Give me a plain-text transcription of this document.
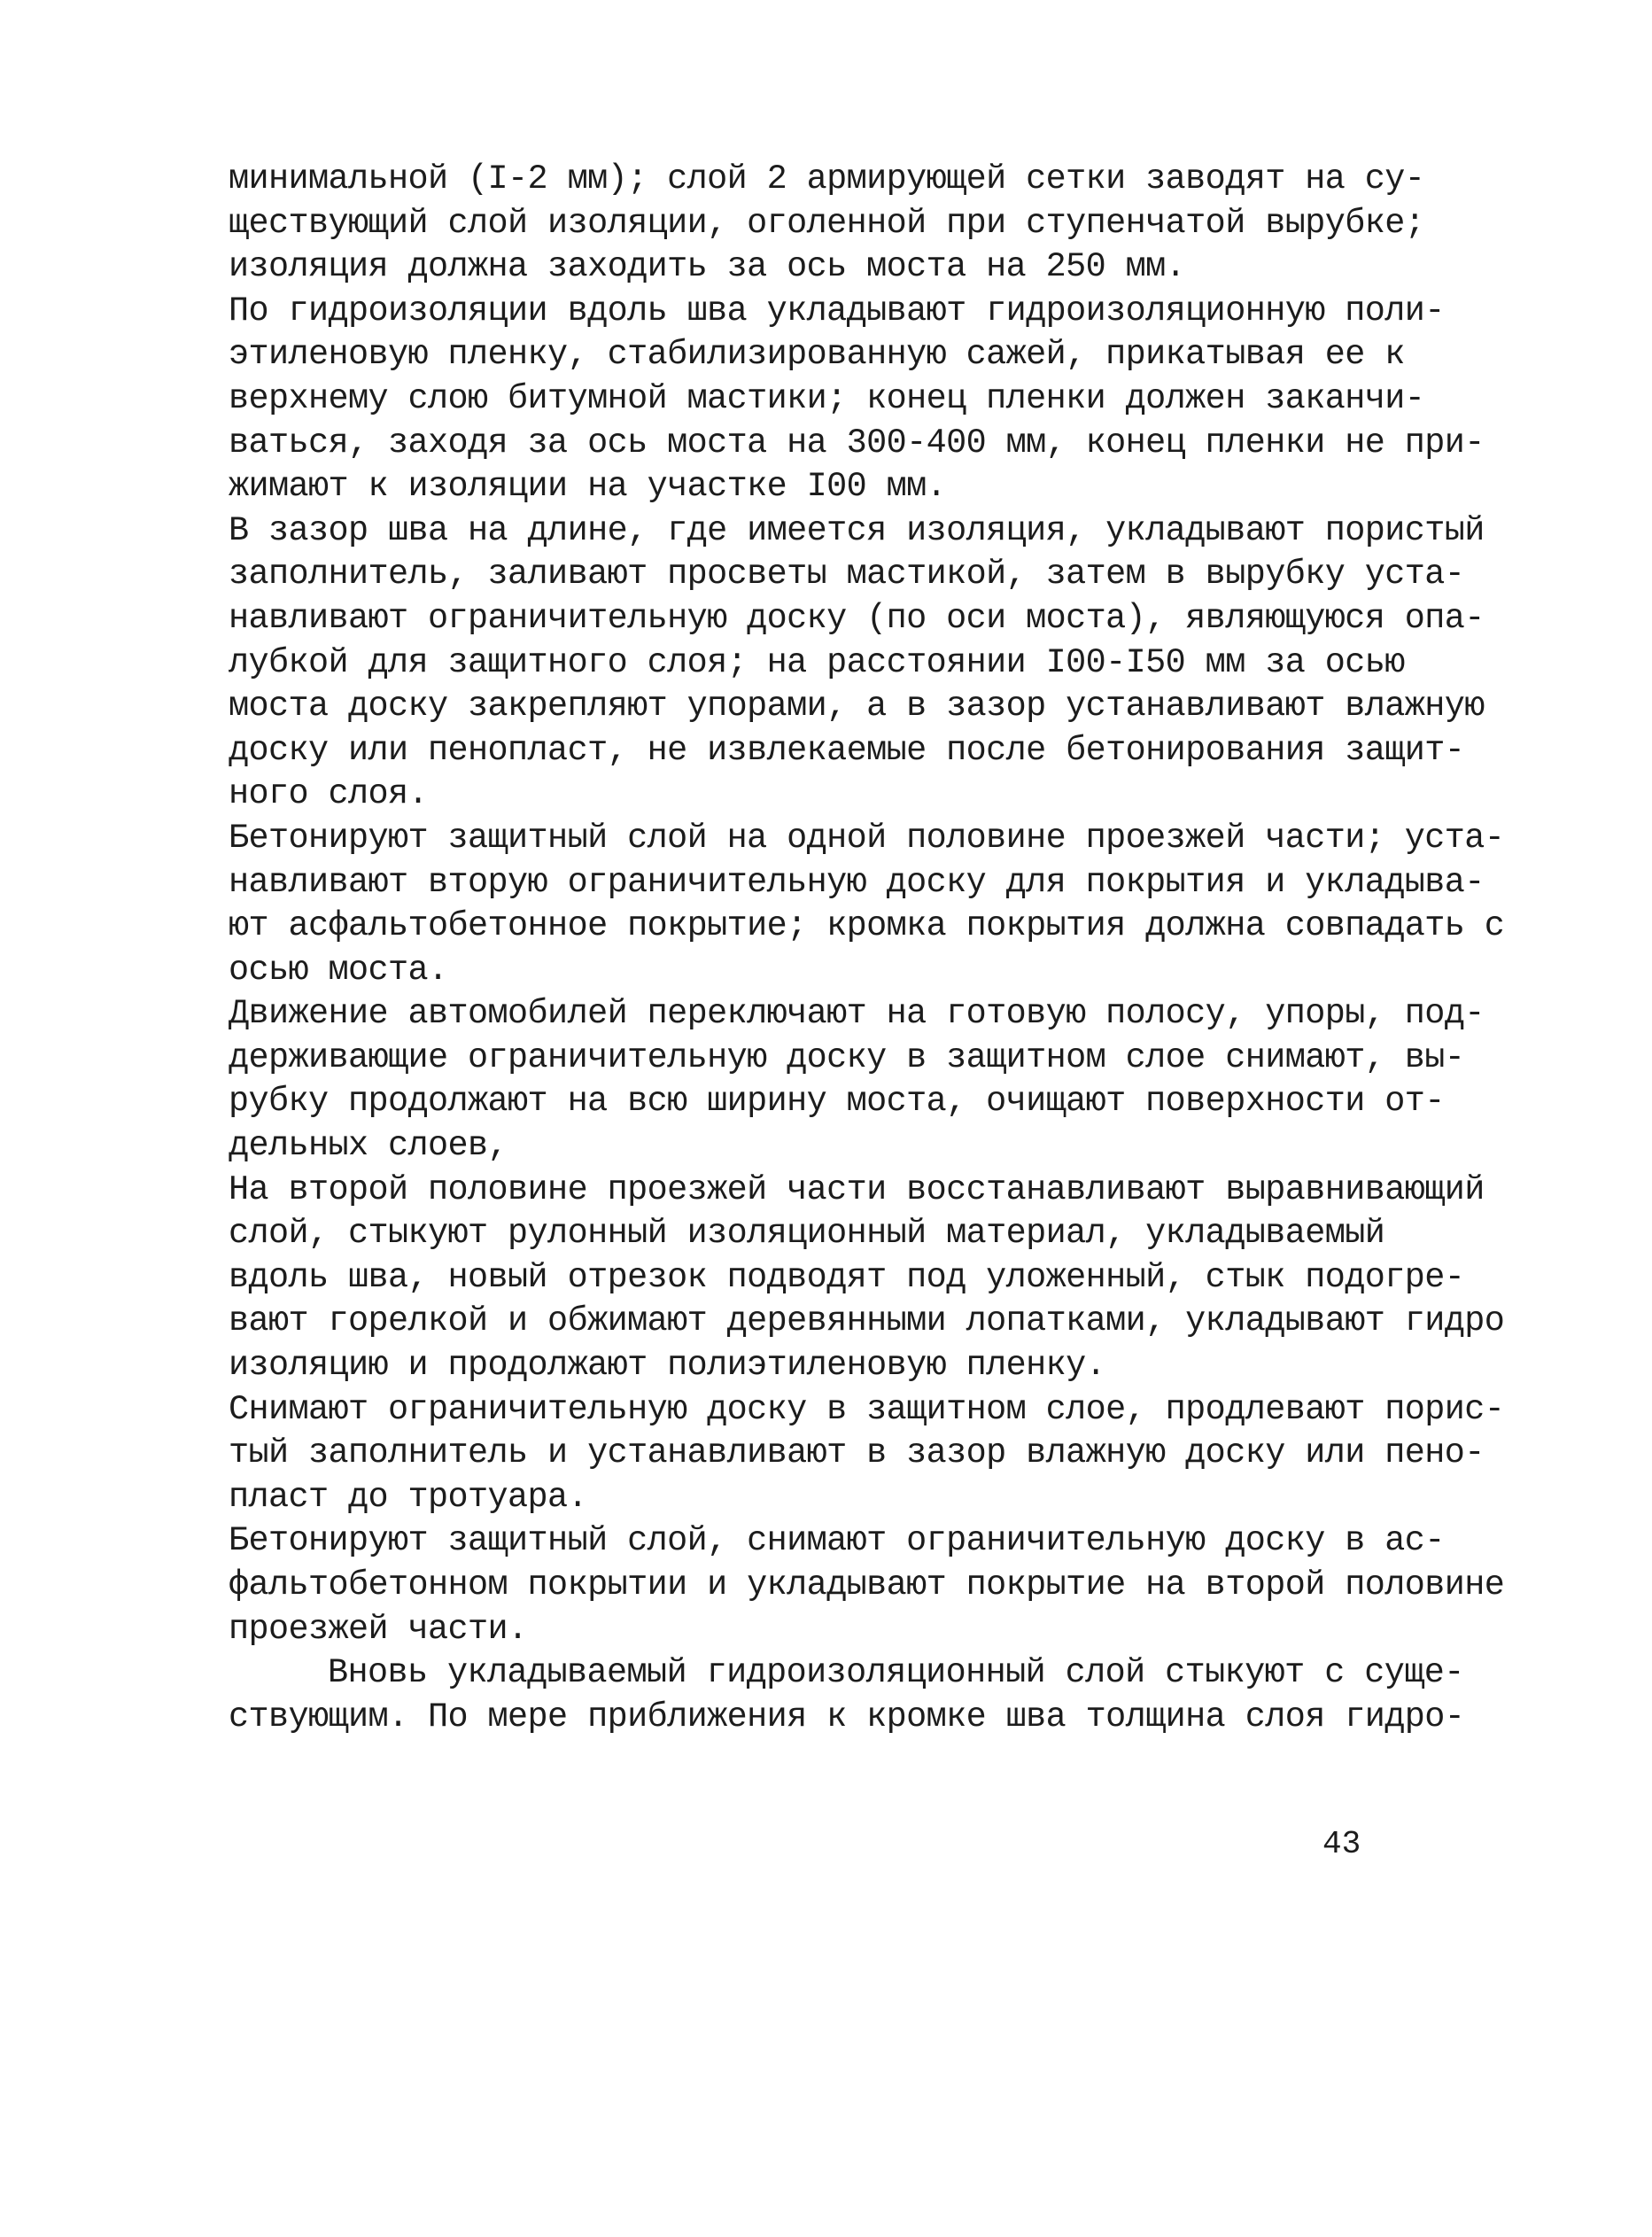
минимальной (I-2 мм); слой 2 армирующей сетки заводят на су-
ществующий слой изоляции, оголенной при ступенчатой вырубке;
изоляция должна заходить за ось моста на 250 мм.
По гидроизоляции вдоль шва укладывают гидроизоляционную поли-
этиленовую пленку, стабилизированную сажей, прикатывая ее к
верхнему слою битумной мастики; конец пленки должен заканчи-
ваться, заходя за ось моста на 300-400 мм, конец пленки не при-
жимают к изоляции на участке I00 мм.
В зазор шва на длине, где имеется изоляция, укладывают пористый
заполнитель, заливают просветы мастикой, затем в вырубку уста-
навливают ограничительную доску (по оси моста), являющуюся опа-
лубкой для защитного слоя; на расстоянии I00-I50 мм за осью
моста доску закрепляют упорами, а в зазор устанавливают влажную
доску или пенопласт, не извлекаемые после бетонирования защит-
ного слоя.
Бетонируют защитный слой на одной половине проезжей части; уста-
навливают вторую ограничительную доску для покрытия и укладыва-
ют асфальтобетонное покрытие; кромка покрытия должна совпадать с
осью моста.
Движение автомобилей переключают на готовую полосу, упоры, под-
держивающие ограничительную доску в защитном слое снимают, вы-
рубку продолжают на всю ширину моста, очищают поверхности от-
дельных слоев,
На второй половине проезжей части восстанавливают выравнивающий
слой, стыкуют рулонный изоляционный материал, укладываемый
вдоль шва, новый отрезок подводят под уложенный, стык подогре-
вают горелкой и обжимают деревянными лопатками, укладывают гидро
изоляцию и продолжают полиэтиленовую пленку.
Снимают ограничительную доску в защитном слое, продлевают порис-
тый заполнитель и устанавливают в зазор влажную доску или пено-
пласт до тротуара.
Бетонируют защитный слой, снимают ограничительную доску в ас-
фальтобетонном покрытии и укладывают покрытие на второй половине
проезжей части.
Вновь укладываемый гидроизоляционный слой стыкуют с суще-
ствующим. По мере приближения к кромке шва толщина слоя гидро-
43
